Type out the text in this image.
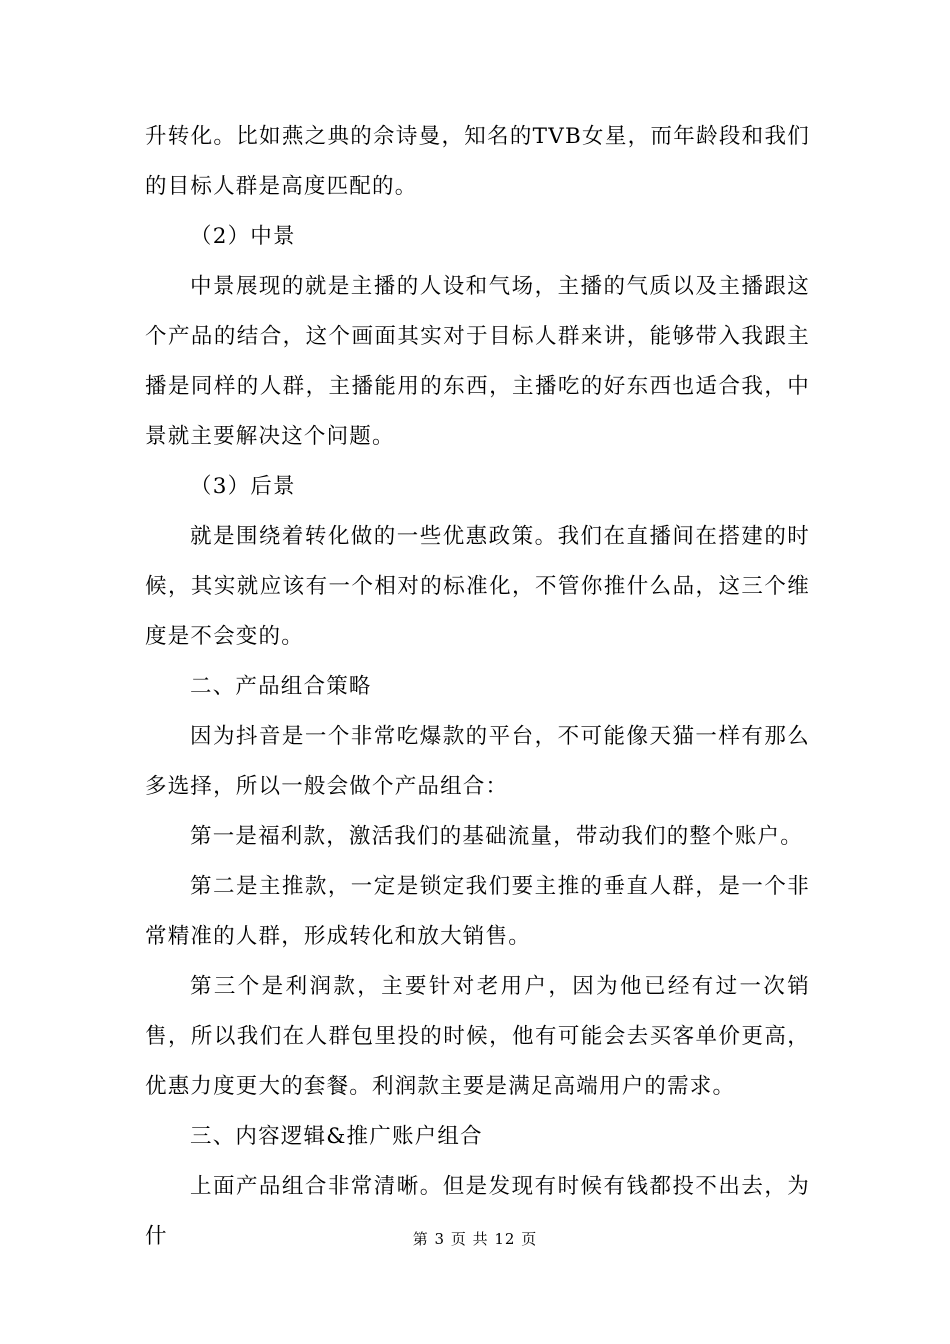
升转化。比如燕之典的佘诗曼，知名的TVB女星，而年龄段和我们的目标人群是高度匹配的。

（2）中景

中景展现的就是主播的人设和气场，主播的气质以及主播跟这个产品的结合，这个画面其实对于目标人群来讲，能够带入我跟主播是同样的人群，主播能用的东西，主播吃的好东西也适合我，中景就主要解决这个问题。

（3）后景

就是围绕着转化做的一些优惠政策。我们在直播间在搭建的时候，其实就应该有一个相对的标准化，不管你推什么品，这三个维度是不会变的。

二、产品组合策略

因为抖音是一个非常吃爆款的平台，不可能像天猫一样有那么多选择，所以一般会做个产品组合：

第一是福利款，激活我们的基础流量，带动我们的整个账户。

第二是主推款，一定是锁定我们要主推的垂直人群，是一个非常精准的人群，形成转化和放大销售。

第三个是利润款，主要针对老用户，因为他已经有过一次销售，所以我们在人群包里投的时候，他有可能会去买客单价更高，优惠力度更大的套餐。利润款主要是满足高端用户的需求。

三、内容逻辑&推广账户组合

上面产品组合非常清晰。但是发现有时候有钱都投不出去，为什	第 3 页 共 12 页
